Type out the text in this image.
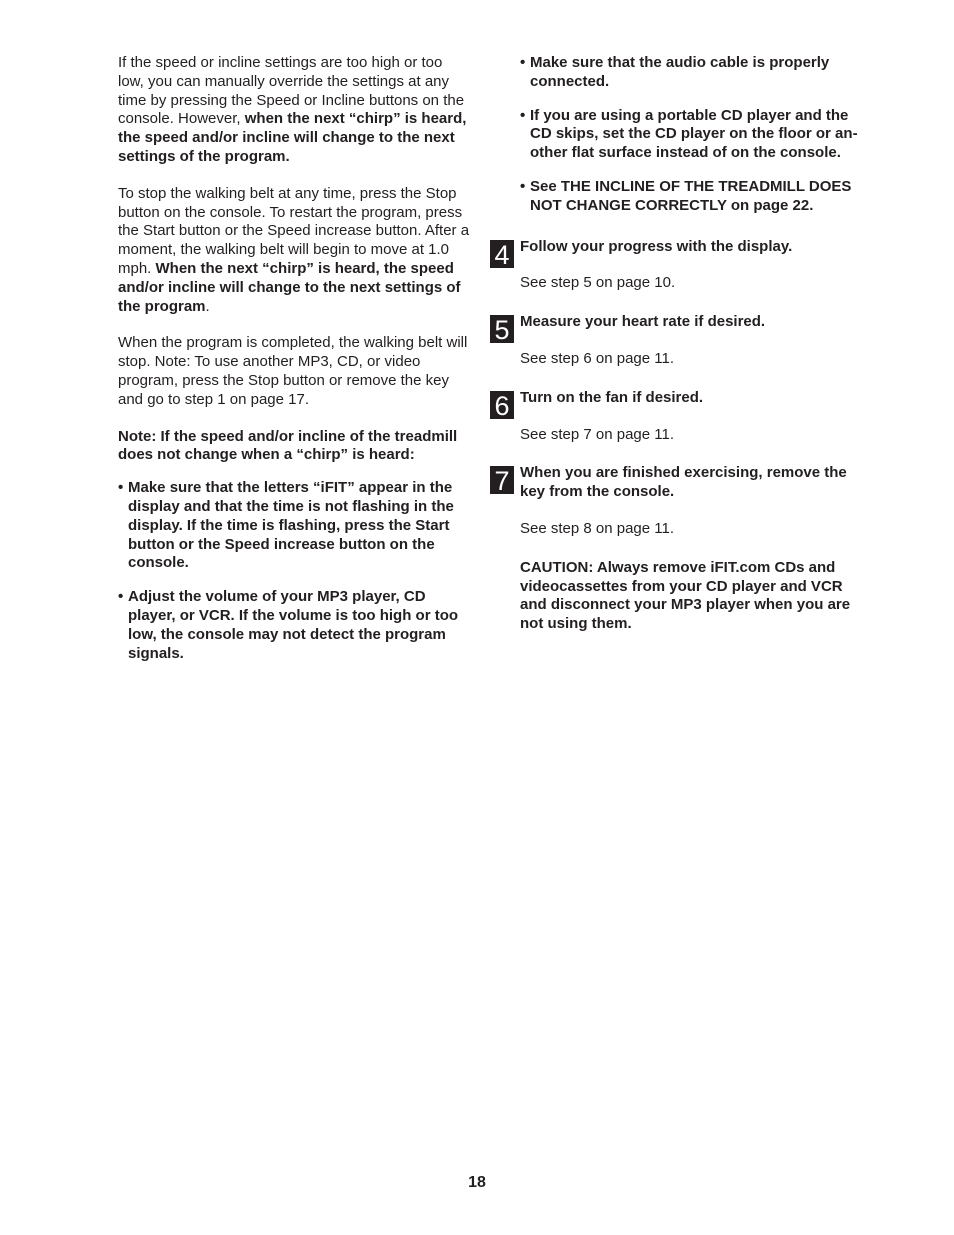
If the speed or incline settings are too high or too low, you can manually override the settings at any time by pressing the Speed or Incline buttons on the console. However, when the next “chirp” is heard, the speed and/or incline will change to the next settings of the program.

To stop the walking belt at any time, press the Stop button on the console. To restart the program, press the Start button or the Speed increase button. After a moment, the walking belt will begin to move at 1.0 mph. When the next “chirp” is heard, the speed and/or incline will change to the next settings of the program.

When the program is completed, the walking belt will stop. Note: To use another MP3, CD, or video program, press the Stop button or remove the key and go to step 1 on page 17.

Note: If the speed and/or incline of the treadmill does not change when a “chirp” is heard:

• Make sure that the letters “iFIT” appear in the display and that the time is not flashing in the display. If the time is flashing, press the Start button or the Speed increase button on the console.
• Adjust the volume of your MP3 player, CD player, or VCR. If the volume is too high or too low, the console may not detect the program signals.
• Make sure that the audio cable is properly connected.
• If you are using a portable CD player and the CD skips, set the CD player on the floor or another flat surface instead of on the console.
• See THE INCLINE OF THE TREADMILL DOES NOT CHANGE CORRECTLY on page 22.
4 Follow your progress with the display.

See step 5 on page 10.

5 Measure your heart rate if desired.

See step 6 on page 11.

6 Turn on the fan if desired.

See step 7 on page 11.

7 When you are finished exercising, remove the key from the console.

See step 8 on page 11.

CAUTION: Always remove iFIT.com CDs and videocassettes from your CD player and VCR and disconnect your MP3 player when you are not using them.

18
